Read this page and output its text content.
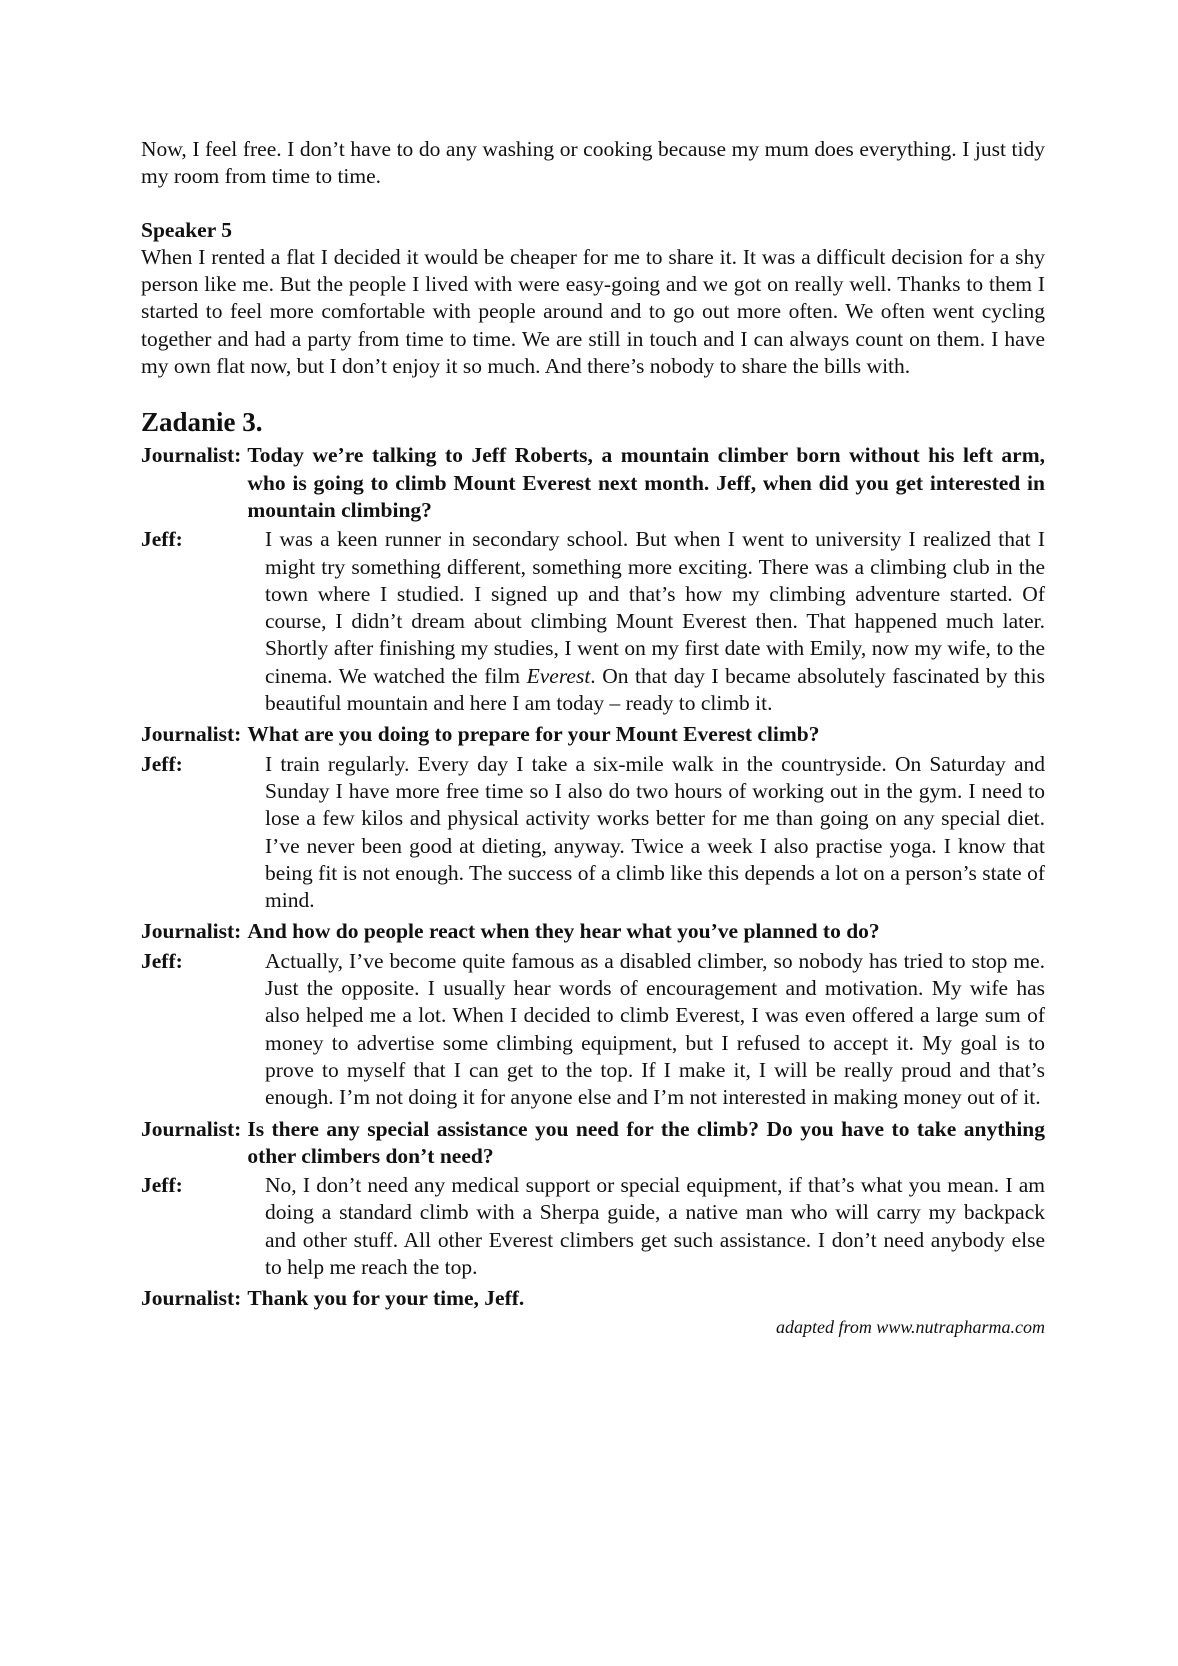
Now, I feel free. I don’t have to do any washing or cooking because my mum does everything. I just tidy my room from time to time.

Speaker 5

When I rented a flat I decided it would be cheaper for me to share it. It was a difficult decision for a shy person like me. But the people I lived with were easy-going and we got on really well. Thanks to them I started to feel more comfortable with people around and to go out more often. We often went cycling together and had a party from time to time. We are still in touch and I can always count on them. I have my own flat now, but I don’t enjoy it so much. And there’s nobody to share the bills with.

Zadanie 3.

Journalist: Today we’re talking to Jeff Roberts, a mountain climber born without his left arm, who is going to climb Mount Everest next month. Jeff, when did you get interested in mountain climbing?
Jeff:	I was a keen runner in secondary school. But when I went to university I realized that I might try something different, something more exciting. There was a climbing club in the town where I studied. I signed up and that’s how my climbing adventure started. Of course, I didn’t dream about climbing Mount Everest then. That happened much later. Shortly after finishing my studies, I went on my first date with Emily, now my wife, to the cinema. We watched the film Everest. On that day I became absolutely fascinated by this beautiful mountain and here I am today – ready to climb it.
Journalist: What are you doing to prepare for your Mount Everest climb?
Jeff:	I train regularly. Every day I take a six-mile walk in the countryside. On Saturday and Sunday I have more free time so I also do two hours of working out in the gym. I need to lose a few kilos and physical activity works better for me than going on any special diet. I’ve never been good at dieting, anyway. Twice a week I also practise yoga. I know that being fit is not enough. The success of a climb like this depends a lot on a person’s state of mind.
Journalist: And how do people react when they hear what you’ve planned to do?
Jeff:	Actually, I’ve become quite famous as a disabled climber, so nobody has tried to stop me. Just the opposite. I usually hear words of encouragement and motivation. My wife has also helped me a lot. When I decided to climb Everest, I was even offered a large sum of money to advertise some climbing equipment, but I refused to accept it. My goal is to prove to myself that I can get to the top. If I make it, I will be really proud and that’s enough. I’m not doing it for anyone else and I’m not interested in making money out of it.
Journalist: Is there any special assistance you need for the climb? Do you have to take anything other climbers don’t need?
Jeff:	No, I don’t need any medical support or special equipment, if that’s what you mean. I am doing a standard climb with a Sherpa guide, a native man who will carry my backpack and other stuff. All other Everest climbers get such assistance. I don’t need anybody else to help me reach the top.
Journalist: Thank you for your time, Jeff.

adapted from www.nutrapharma.com
